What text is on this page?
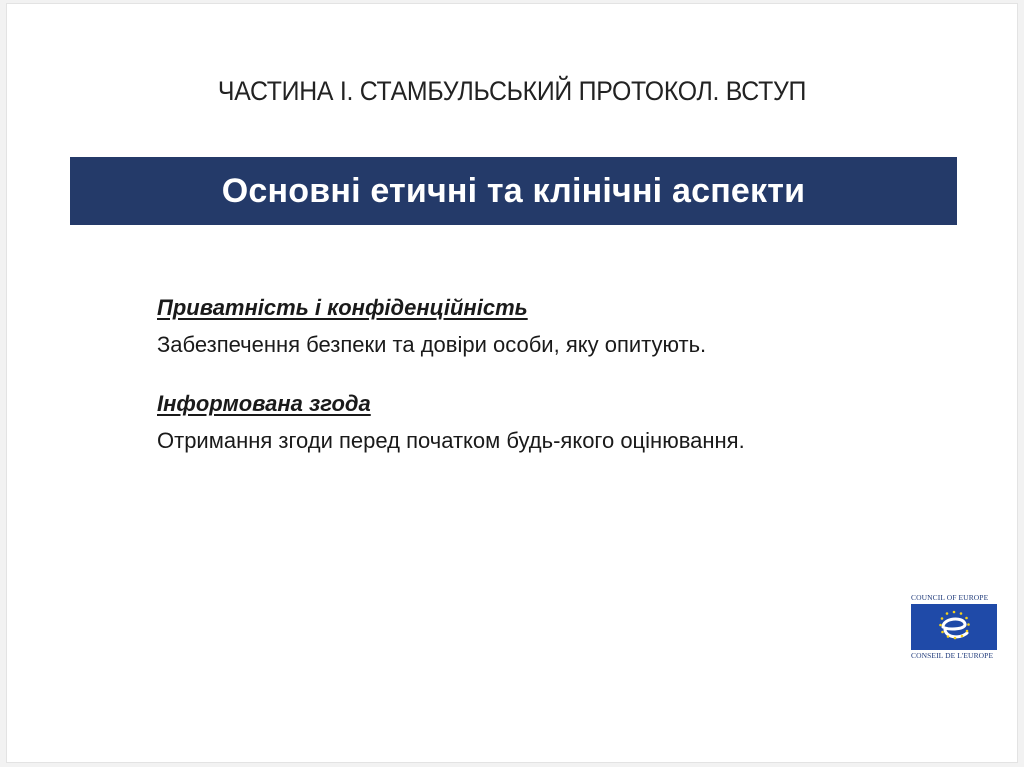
ЧАСТИНА І. СТАМБУЛЬСЬКИЙ ПРОТОКОЛ. ВСТУП
Основні етичні та клінічні аспекти
Приватність і конфіденційність
Забезпечення безпеки та довіри особи, яку опитують.
Інформована згода
Отримання згоди перед початком будь-якого оцінювання.
COUNCIL OF EUROPE
CONSEIL DE L'EUROPE
